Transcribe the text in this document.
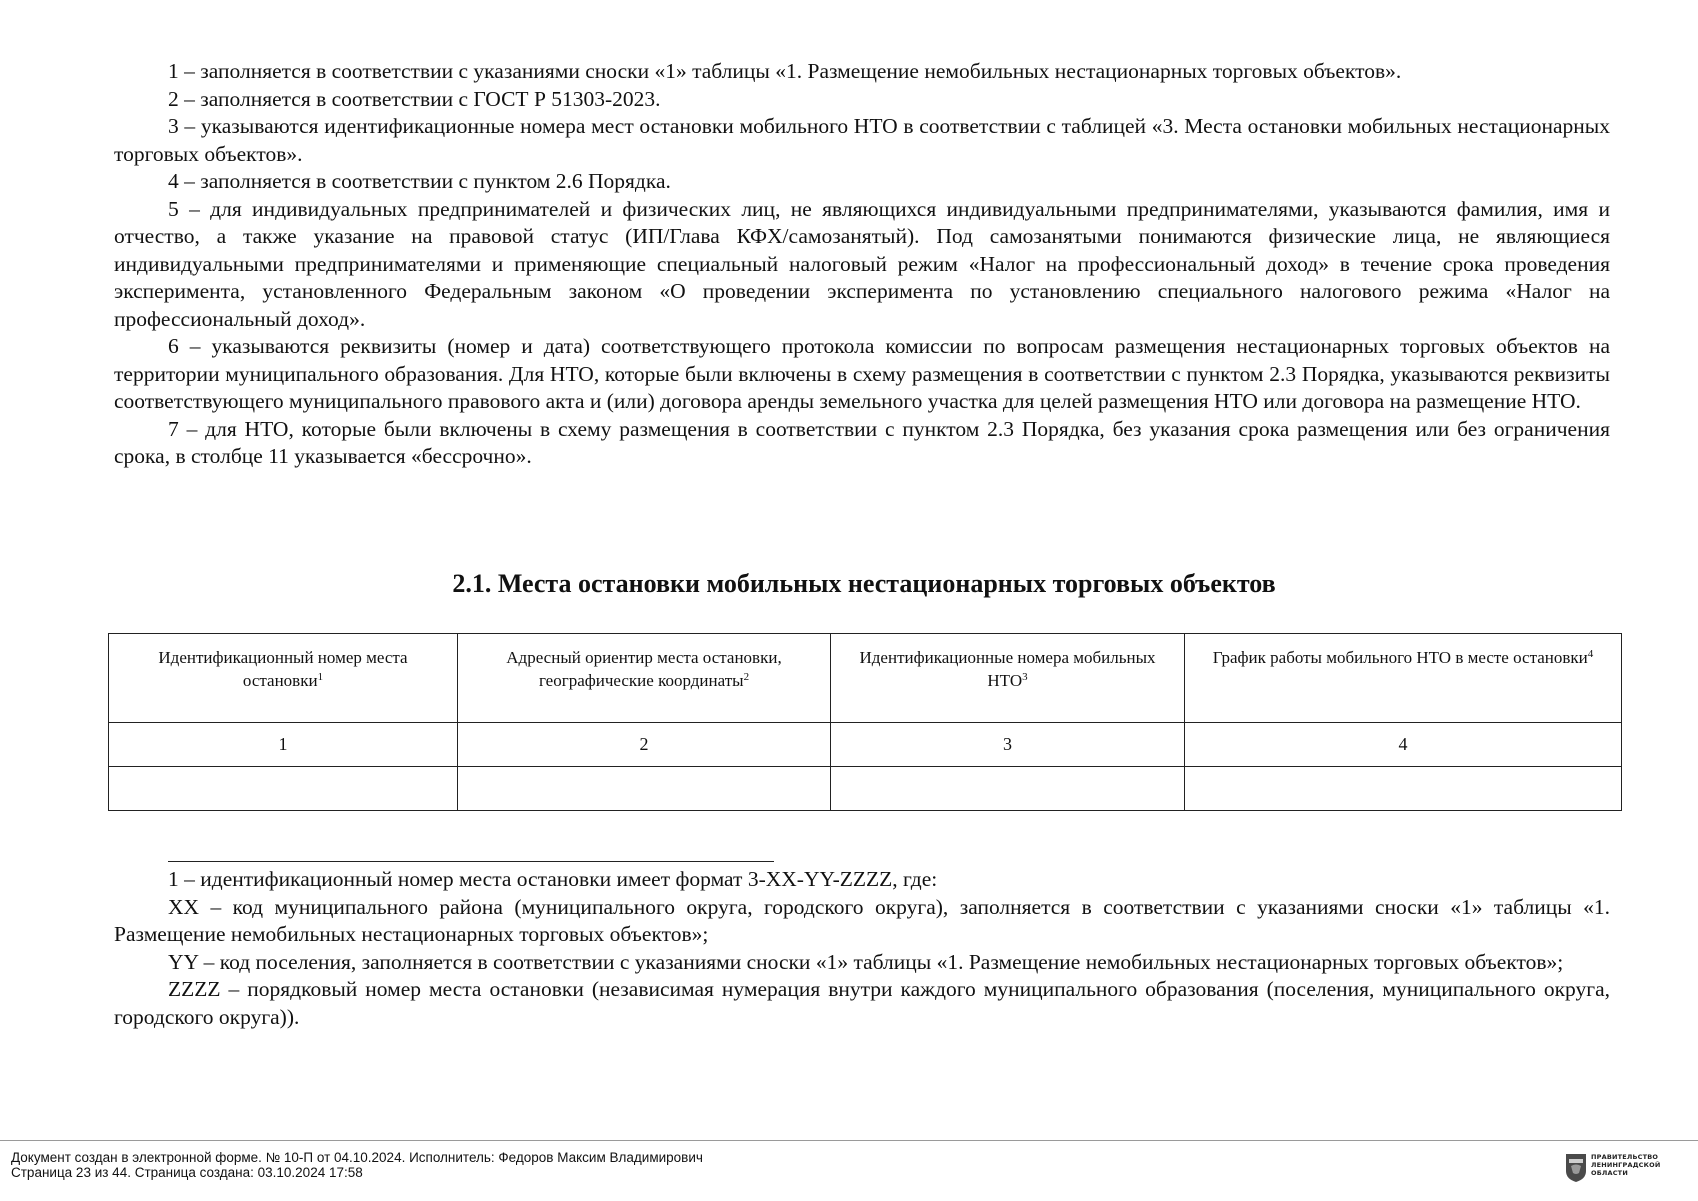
1 – заполняется в соответствии с указаниями сноски «1» таблицы «1. Размещение немобильных нестационарных торговых объектов».

2 – заполняется в соответствии с ГОСТ Р 51303-2023.

3 – указываются идентификационные номера мест остановки мобильного НТО в соответствии с таблицей «3. Места остановки мобильных нестационарных торговых объектов».

4 – заполняется в соответствии с пунктом 2.6 Порядка.

5 – для индивидуальных предпринимателей и физических лиц, не являющихся индивидуальными предпринимателями, указываются фамилия, имя и отчество, а также указание на правовой статус (ИП/Глава КФХ/самозанятый). Под самозанятыми понимаются физические лица, не являющиеся индивидуальными предпринимателями и применяющие специальный налоговый режим «Налог на профессиональный доход» в течение срока проведения эксперимента, установленного Федеральным законом «О проведении эксперимента по установлению специального налогового режима «Налог на профессиональный доход».

6 – указываются реквизиты (номер и дата) соответствующего протокола комиссии по вопросам размещения нестационарных торговых объектов на территории муниципального образования. Для НТО, которые были включены в схему размещения в соответствии с пунктом 2.3 Порядка, указываются реквизиты соответствующего муниципального правового акта и (или) договора аренды земельного участка для целей размещения НТО или договора на размещение НТО.

7 – для НТО, которые были включены в схему размещения в соответствии с пунктом 2.3 Порядка, без указания срока размещения или без ограничения срока, в столбце 11 указывается «бессрочно».

2.1. Места остановки мобильных нестационарных торговых объектов
Идентификационный номер места остановки$^1$	Адресный ориентир места остановки, географические координаты$^2$	Идентификационные номера мобильных НТО$^3$	График работы мобильного НТО в месте остановки$^4$
1	2	3	4

1 – идентификационный номер места остановки имеет формат 3-XX-YY-ZZZZ, где:

XX – код муниципального района (муниципального округа, городского округа), заполняется в соответствии с указаниями сноски «1» таблицы «1. Размещение немобильных нестационарных торговых объектов»;

YY – код поселения, заполняется в соответствии с указаниями сноски «1» таблицы «1. Размещение немобильных нестационарных торговых объектов»;

ZZZZ – порядковый номер места остановки (независимая нумерация внутри каждого муниципального образования (поселения, муниципального округа, городского округа)).

Документ создан в электронной форме. № 10-П от 04.10.2024. Исполнитель: Федоров Максим Владимирович
Страница 23 из 44. Страница создана: 03.10.2024 17:58
ПРАВИТЕЛЬСТВО
ЛЕНИНГРАДСКОЙ
ОБЛАСТИ
